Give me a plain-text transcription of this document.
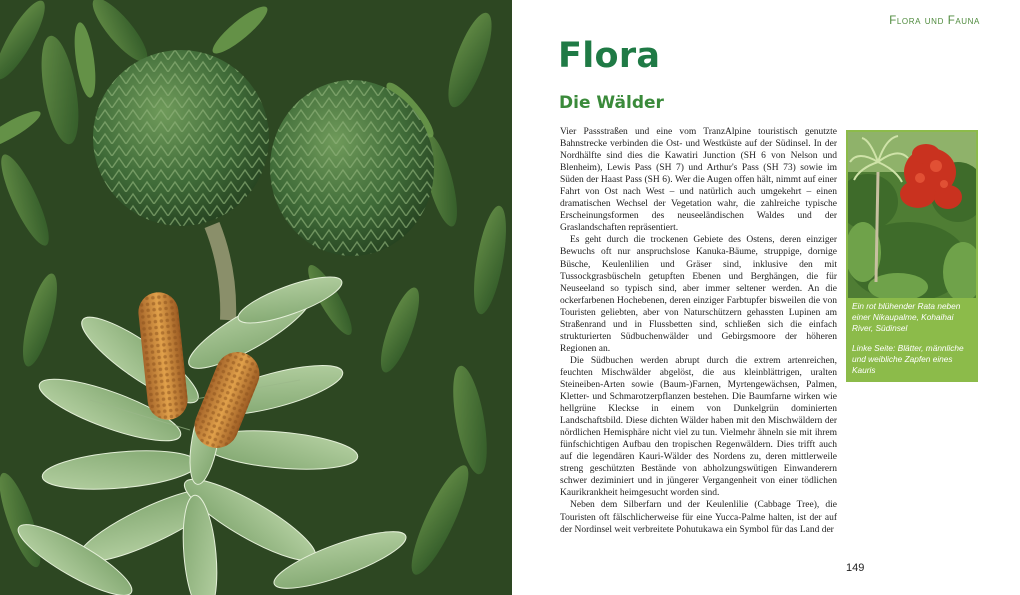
Flora und Fauna
Flora
Die Wälder

Vier Passstraßen und eine vom TranzAlpine touristisch genutzte Bahnstrecke verbinden die Ost- und Westküste auf der Südinsel. In der Nordhälfte sind dies die Kawatiri Junction (SH 6 von Nelson und Blenheim), Lewis Pass (SH 7) und Arthur's Pass (SH 73) sowie im Süden der Haast Pass (SH 6). Wer die Augen offen hält, nimmt auf einer Fahrt von Ost nach West – und natürlich auch umgekehrt – einen dramatischen Wechsel der Vegetation wahr, die zahlreiche typische Erscheinungsformen des neuseeländischen Waldes und der Graslandschaften repräsentiert.

Es geht durch die trockenen Gebiete des Ostens, deren einziger Bewuchs oft nur anspruchslose Kanuka-Bäume, struppige, dornige Büsche, Keulenlilien und Gräser sind, inklusive den mit Tussockgrasbüscheln getupften Ebenen und Berghängen, die für Neuseeland so typisch sind, aber immer seltener werden. An die ockerfarbenen Hochebenen, deren einziger Farbtupfer bisweilen die von Touristen geliebten, aber von Naturschützern gehassten Lupinen am Straßenrand und in Flussbetten sind, schließen sich die einfach strukturierten Südbuchenwälder und Gebirgsmoore der höheren Regionen an.

Die Südbuchen werden abrupt durch die extrem artenreichen, feuchten Mischwälder abgelöst, die aus kleinblättrigen, uralten Steineiben-Arten sowie (Baum-)Farnen, Myrtengewächsen, Palmen, Kletter- und Schmarotzerpflanzen bestehen. Die Baumfarne wirken wie hellgrüne Kleckse in einem von Dunkelgrün dominierten Landschaftsbild. Diese dichten Wälder haben mit den Mischwäldern der nördlichen Hemisphäre nicht viel zu tun. Vielmehr ähneln sie mit ihrem fünfschichtigen Aufbau den tropischen Regenwäldern. Dies trifft auch auf die legendären Kauri-Wälder des Nordens zu, deren mittlerweile streng geschützten Bestände von abholzungswütigen Einwanderern schwer deziminiert und in jüngerer Vergangenheit von einer tödlichen Kaurikrankheit heimgesucht worden sind.

Neben dem Silberfarn und der Keulenlilie (Cabbage Tree), die Touristen oft fälschlicherweise für eine Yucca-Palme halten, ist der auf der Nordinsel weit verbreitete Pohutukawa ein Symbol für das Land der

Ein rot blühender Rata neben einer Nikaupalme, Kohaihai River, Südinsel
Linke Seite: Blätter, männliche und weibliche Zapfen eines Kauris
149
